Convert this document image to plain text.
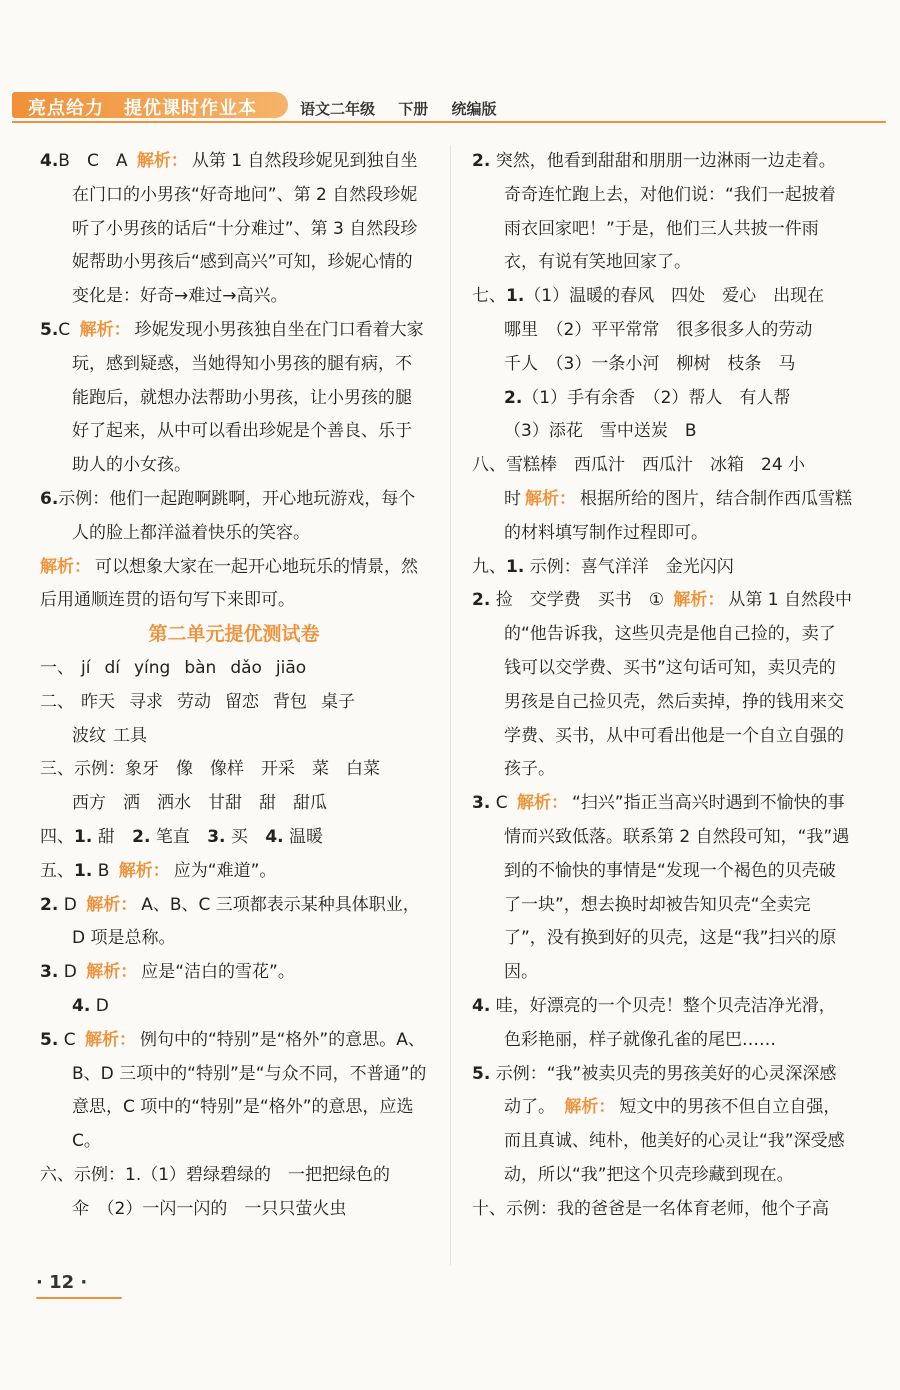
亮点给力 提优课时作业本	语文二年级 下册 统编版

4.B　C　A 解析： 从第 1 自然段珍妮见到独自坐在门口的小男孩“好奇地问”、第 2 自然段珍妮听了小男孩的话后“十分难过”、第 3 自然段珍妮帮助小男孩后“感到高兴”可知，珍妮心情的变化是：好奇→难过→高兴。

5.C 解析： 珍妮发现小男孩独自坐在门口看着大家玩，感到疑惑，当她得知小男孩的腿有病，不能跑后，就想办法帮助小男孩，让小男孩的腿好了起来，从中可以看出珍妮是个善良、乐于助人的小女孩。

6.示例：他们一起跑啊跳啊，开心地玩游戏，每个人的脸上都洋溢着快乐的笑容。

解析： 可以想象大家在一起开心地玩乐的情景，然后用通顺连贯的语句写下来即可。

第二单元提优测试卷

一、 jí dí yíng bàn dǎo jiāo

二、 昨天 寻求 劳动 留恋 背包 桌子

波纹 工具

三、示例：象牙　像　像样　开采　菜　白菜

西方　洒　洒水　甘甜　甜　甜瓜

四、1. 甜 2. 笔直 3. 买 4. 温暖

五、1. B 解析： 应为“难道”。

2. D 解析： A、B、C 三项都表示某种具体职业，D 项是总称。

3. D 解析： 应是“洁白的雪花”。

4. D

5. C 解析： 例句中的“特别”是“格外”的意思。A、B、D 三项中的“特别”是“与众不同，不普通”的意思，C 项中的“特别”是“格外”的意思，应选 C。

六、示例：1.（1）碧绿碧绿的　一把把绿色的

伞　（2）一闪一闪的　一只只萤火虫

2. 突然，他看到甜甜和朋朋一边淋雨一边走着。奇奇连忙跑上去，对他们说：“我们一起披着雨衣回家吧！”于是，他们三人共披一件雨衣，有说有笑地回家了。

七、1.（1）温暖的春风　四处　爱心　出现在

哪里　（2）平平常常　很多很多人的劳动

千人　（3）一条小河　柳树　枝条　马

2.（1）手有余香　（2）帮人　有人帮

（3）添花　雪中送炭　B

八、雪糕棒　西瓜汁　西瓜汁　冰箱　24 小

时 解析： 根据所给的图片，结合制作西瓜雪糕的材料填写制作过程即可。

九、1. 示例：喜气洋洋　金光闪闪

2. 捡　交学费　买书　① 解析： 从第 1 自然段中的“他告诉我，这些贝壳是他自己捡的，卖了钱可以交学费、买书”这句话可知，卖贝壳的男孩是自己捡贝壳，然后卖掉，挣的钱用来交学费、买书，从中可看出他是一个自立自强的孩子。

3. C 解析： “扫兴”指正当高兴时遇到不愉快的事情而兴致低落。联系第 2 自然段可知，“我”遇到的不愉快的事情是“发现一个褐色的贝壳破了一块”，想去换时却被告知贝壳“全卖完了”，没有换到好的贝壳，这是“我”扫兴的原因。

4. 哇，好漂亮的一个贝壳！整个贝壳洁净光滑，色彩艳丽，样子就像孔雀的尾巴……

5. 示例：“我”被卖贝壳的男孩美好的心灵深深感动了。 解析： 短文中的男孩不但自立自强，而且真诚、纯朴，他美好的心灵让“我”深受感动，所以“我”把这个贝壳珍藏到现在。

十、示例：我的爸爸是一名体育老师，他个子高

· 12 ·
